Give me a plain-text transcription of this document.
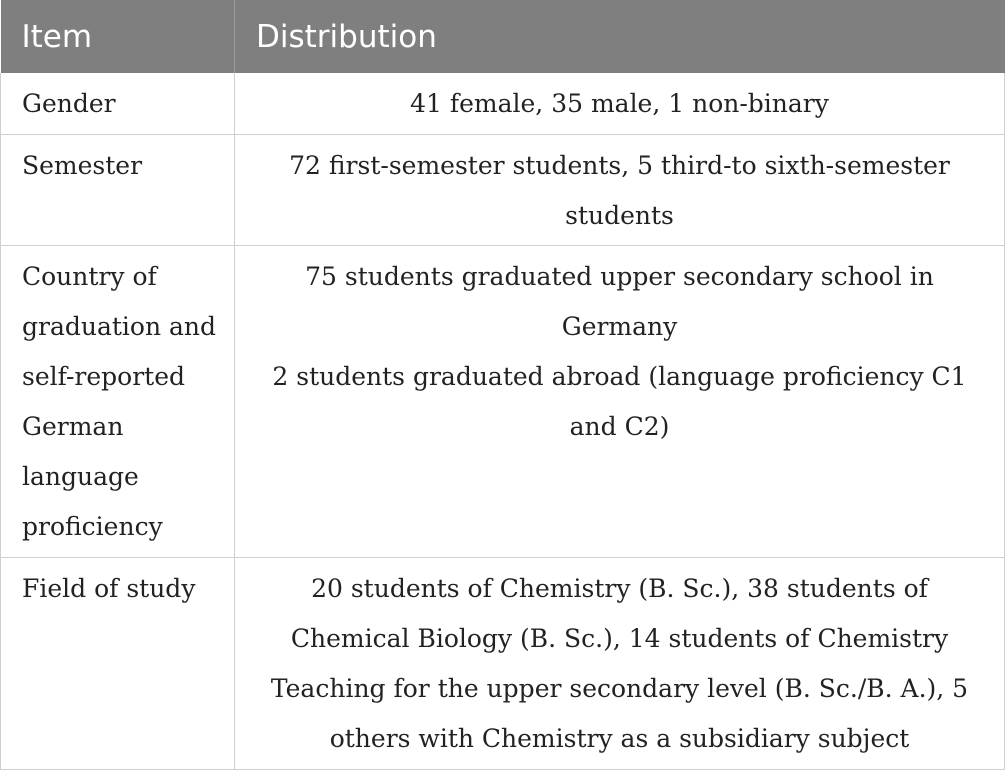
Item	Distribution
Gender	41 female, 35 male, 1 non-binary

Semester	72 first-semester students, 5 third-to sixth-semester students

Country of graduation and self-reported German language proficiency	75 students graduated upper secondary school in Germany
2 students graduated abroad (language proficiency C1 and C2)

Field of study	20 students of Chemistry (B. Sc.), 38 students of Chemical Biology (B. Sc.), 14 students of Chemistry Teaching for the upper secondary level (B. Sc./B. A.), 5 others with Chemistry as a subsidiary subject
